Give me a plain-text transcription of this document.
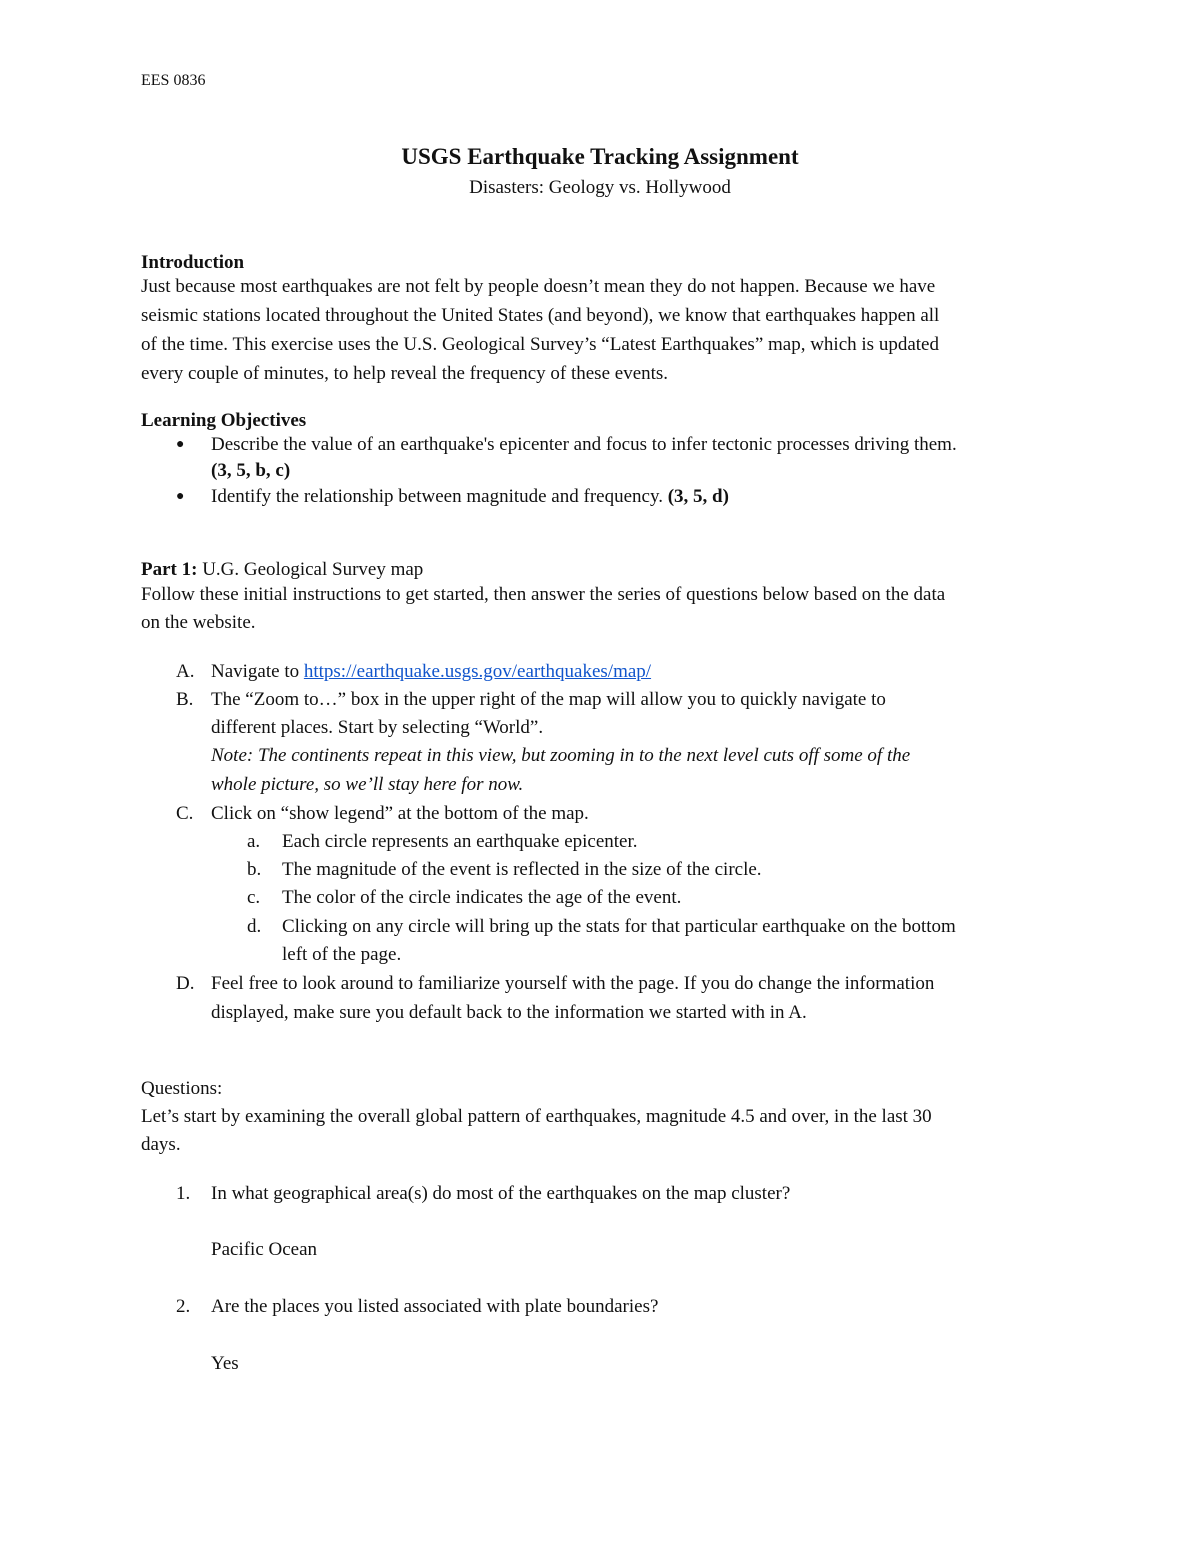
EES 0836
USGS Earthquake Tracking Assignment
Disasters: Geology vs. Hollywood
Introduction
Just because most earthquakes are not felt by people doesn’t mean they do not happen. Because we have
seismic stations located throughout the United States (and beyond), we know that earthquakes happen all
of the time. This exercise uses the U.S. Geological Survey’s “Latest Earthquakes” map, which is updated
every couple of minutes, to help reveal the frequency of these events.
Learning Objectives
● Describe the value of an earthquake's epicenter and focus to infer tectonic processes driving them.
(3, 5, b, c)
● Identify the relationship between magnitude and frequency. (3, 5, d)
Part 1: U.G. Geological Survey map
Follow these initial instructions to get started, then answer the series of questions below based on the data
on the website.
A. Navigate to https://earthquake.usgs.gov/earthquakes/map/
B. The “Zoom to…” box in the upper right of the map will allow you to quickly navigate to
different places. Start by selecting “World”.
Note: The continents repeat in this view, but zooming in to the next level cuts off some of the
whole picture, so we’ll stay here for now.
C. Click on “show legend” at the bottom of the map.
a. Each circle represents an earthquake epicenter.
b. The magnitude of the event is reflected in the size of the circle.
c. The color of the circle indicates the age of the event.
d. Clicking on any circle will bring up the stats for that particular earthquake on the bottom
left of the page.
D. Feel free to look around to familiarize yourself with the page. If you do change the information
displayed, make sure you default back to the information we started with in A.
Questions:
Let’s start by examining the overall global pattern of earthquakes, magnitude 4.5 and over, in the last 30
days.
1. In what geographical area(s) do most of the earthquakes on the map cluster?
Pacific Ocean
2. Are the places you listed associated with plate boundaries?
Yes
